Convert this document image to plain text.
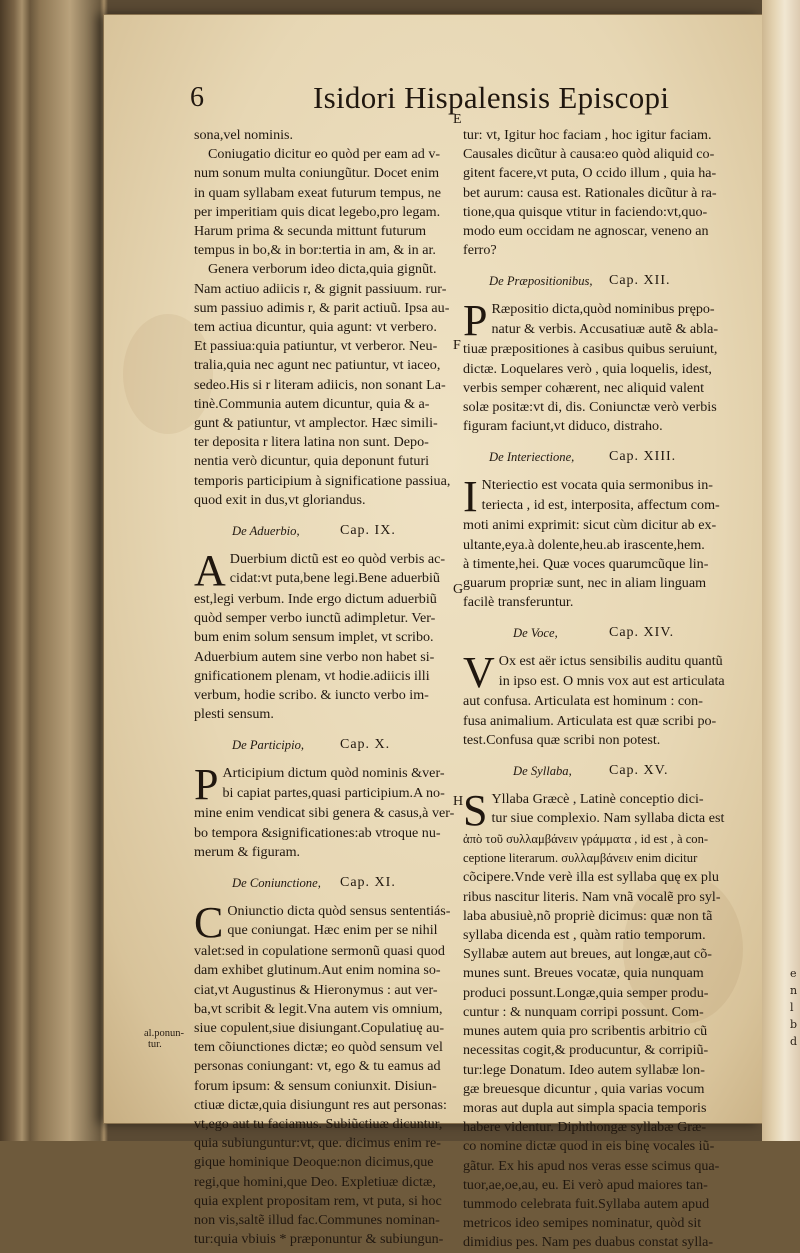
6	Isidori Hispalensis Episcopi
E
F
G
H
al.ponun-
tur.
sona,vel nominis.
Coniugatio dicitur eo quòd per eam ad v-
num sonum multa coniungũtur. Docet enim
in quam syllabam exeat futurum tempus, ne
per imperitiam quis dicat legebo,pro legam.
Harum prima & secunda mittunt futurum
tempus in bo,& in bor:tertia in am, & in ar.
Genera verborum ideo dicta,quia gignũt.
Nam actiuo adiicis r, & gignit passiuum. rur-
sum passiuo adimis r, & parit actiuũ. Ipsa au-
tem actiua dicuntur, quia agunt: vt verbero.
Et passiua:quia patiuntur, vt verberor. Neu-
tralia,quia nec agunt nec patiuntur, vt iaceo,
sedeo.His si r literam adiicis, non sonant La-
tinè.Communia autem dicuntur, quia & a-
gunt & patiuntur, vt amplector. Hæc simili-
ter deposita r litera latina non sunt. Depo-
nentia verò dicuntur, quia deponunt futuri
temporis participium à significatione passiua,
quod exit in dus,vt gloriandus.
De Aduerbio,	Cap. IX.
A Duerbium dictũ est eo quòd verbis ac-
cidat:vt puta,bene legi.Bene aduerbiũ
est,legi verbum. Inde ergo dictum aduerbiũ
quòd semper verbo iunctũ adimpletur. Ver-
bum enim solum sensum implet, vt scribo.
Aduerbium autem sine verbo non habet si-
gnificationem plenam, vt hodie.adiicis illi
verbum, hodie scribo. & iuncto verbo im-
plesti sensum.
De Participio,	Cap. X.
P Articipium dictum quòd nominis &ver-
bi capiat partes,quasi participium.A no-
mine enim vendicat sibi genera & casus,à ver-
bo tempora &significationes:ab vtroque nu-
merum & figuram.
De Coniunctione, Cap. XI.
C Oniunctio dicta quòd sensus sententiás-
que coniungat. Hæc enim per se nihil
valet:sed in copulatione sermonũ quasi quod
dam exhibet glutinum.Aut enim nomina so-
ciat,vt Augustinus & Hieronymus : aut ver-
ba,vt scribit & legit.Vna autem vis omnium,
siue copulent,siue disiungant.Copulatiuę au-
tem cõiunctiones dictæ; eo quòd sensum vel
personas coniungant: vt, ego & tu eamus ad
forum ipsum: & sensum coniunxit. Disiun-
ctiuæ dictæ,quia disiungunt res aut personas:
vt,ego aut tu faciamus. Subiũctiuæ dicuntur,
quia subiunguntur:vt, que. dicimus enim re-
gique hominique Deoque:non dicimus,que
regi,que homini,que Deo. Expletiuæ dictæ,
quia explent propositam rem, vt puta, si hoc
non vis,saltẽ illud fac.Communes nominan-
tur:quia vbiuis * præponuntur & subiungun-
tur: vt, Igitur hoc faciam , hoc igitur faciam.
Causales dicũtur à causa:eo quòd aliquid co-
gitent facere,vt puta, O ccido illum , quia ha-
bet aurum: causa est. Rationales dicũtur à ra-
tione,qua quisque vtitur in faciendo:vt,quo-
modo eum occidam ne agnoscar, veneno an
ferro?
De Præpositionibus, Cap. XII.
P Ræpositio dicta,quòd nominibus prępo-
natur & verbis. Accusatiuæ autẽ & abla-
tiuæ præpositiones à casibus quibus seruiunt,
dictæ. Loquelares verò , quia loquelis, idest,
verbis semper cohærent, nec aliquid valent
solæ positæ:vt di, dis. Coniunctæ verò verbis
figuram faciunt,vt diduco, distraho.
De Interiectione, Cap. XIII.
I Nteriectio est vocata quia sermonibus in-
teriecta , id est, interposita, affectum com-
moti animi exprimit: sicut cùm dicitur ab ex-
ultante,eya.à dolente,heu.ab irascente,hem.
à timente,hei. Quæ voces quarumcũque lin-
guarum propriæ sunt, nec in aliam linguam
facilè transferuntur.
De Voce,	Cap. XIV.
V Ox est aër ictus sensibilis auditu quantũ
in ipso est. O mnis vox aut est articulata
aut confusa. Articulata est hominum : con-
fusa animalium. Articulata est quæ scribi po-
test.Confusa quæ scribi non potest.
De Syllaba,	Cap. XV.
S Yllaba Græcè , Latinè conceptio dici-
tur siue complexio. Nam syllaba dicta est
ἀπὸ τοῦ συλλαμβάνειν γράμματα , id est , à con-
ceptione literarum. συλλαμβάνειν enim dicitur
cõcipere.Vnde verè illa est syllaba quę ex plu
ribus nascitur literis. Nam vnã vocalẽ pro syl-
laba abusiuè,nõ propriè dicimus: quæ non tã
syllaba dicenda est , quàm ratio temporum.
Syllabæ autem aut breues, aut longæ,aut cõ-
munes sunt. Breues vocatæ, quia nunquam
produci possunt.Longæ,quia semper produ-
cuntur : & nunquam corripi possunt. Com-
munes autem quia pro scribentis arbitrio cũ
necessitas cogit,& producuntur, & corripiũ-
tur:lege Donatum. Ideo autem syllabæ lon-
gæ breuesque dicuntur , quia varias vocum
moras aut dupla aut simpla spacia temporis
habere videntur. Diphthongæ syllabæ Græ-
co nomine dictæ quod in eis binę vocales iũ-
gãtur. Ex his apud nos veras esse scimus qua-
tuor,ae,oe,au, eu. Ei verò apud maiores tan-
tummodo celebrata fuit.Syllaba autem apud
metricos ideo semipes nominatur, quòd sit
dimidius pes. Nam pes duabus constat sylla-
e
n
l
b
d
